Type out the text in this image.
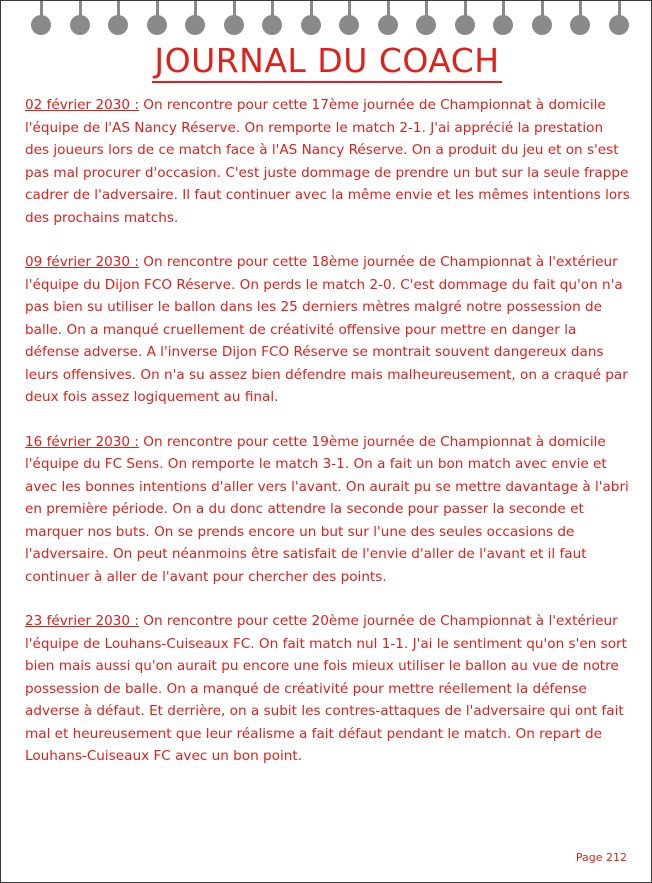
JOURNAL DU COACH

02 février 2030 : On rencontre pour cette 17ème journée de Championnat à domicile l'équipe de l'AS Nancy Réserve. On remporte le match 2-1. J'ai apprécié la prestation des joueurs lors de ce match face à l'AS Nancy Réserve. On a produit du jeu et on s'est pas mal procurer d'occasion. C'est juste dommage de prendre un but sur la seule frappe cadrer de l'adversaire. Il faut continuer avec la même envie et les mêmes intentions lors des prochains matchs.

09 février 2030 : On rencontre pour cette 18ème journée de Championnat à l'extérieur l'équipe du Dijon FCO Réserve. On perds le match 2-0. C'est dommage du fait qu'on n'a pas bien su utiliser le ballon dans les 25 derniers mètres malgré notre possession de balle. On a manqué cruellement de créativité offensive pour mettre en danger la défense adverse. A l'inverse Dijon FCO Réserve se montrait souvent dangereux dans leurs offensives. On n'a su assez bien défendre mais malheureusement, on a craqué par deux fois assez logiquement au final.

16 février 2030 : On rencontre pour cette 19ème journée de Championnat à domicile l'équipe du FC Sens. On remporte le match 3-1. On a fait un bon match avec envie et avec les bonnes intentions d'aller vers l'avant. On aurait pu se mettre davantage à l'abri en première période. On a du donc attendre la seconde pour passer la seconde et marquer nos buts. On se prends encore un but sur l'une des seules occasions de l'adversaire. On peut néanmoins être satisfait de l'envie d'aller de l'avant et il faut continuer à aller de l'avant pour chercher des points.

23 février 2030 : On rencontre pour cette 20ème journée de Championnat à l'extérieur l'équipe de Louhans-Cuiseaux FC. On fait match nul 1-1. J'ai le sentiment qu'on s'en sort bien mais aussi qu'on aurait pu encore une fois mieux utiliser le ballon au vue de notre possession de balle. On a manqué de créativité pour mettre réellement la défense adverse à défaut. Et derrière, on a subit les contres-attaques de l'adversaire qui ont fait mal et heureusement que leur réalisme a fait défaut pendant le match. On repart de Louhans-Cuiseaux FC avec un bon point.

Page 212
